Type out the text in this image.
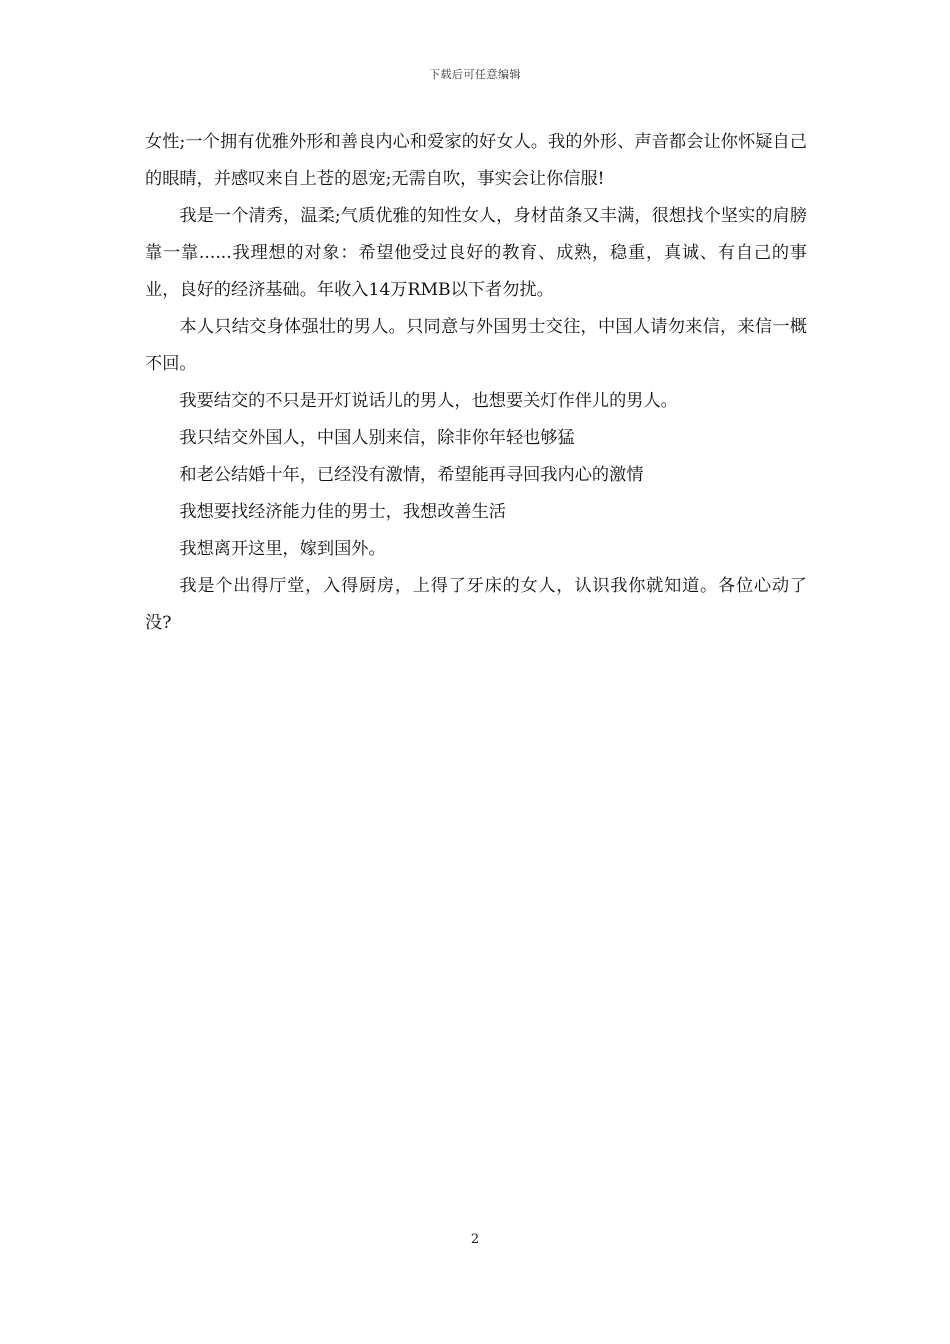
下载后可任意编辑

女性;一个拥有优雅外形和善良内心和爱家的好女人。我的外形、声音都会让你怀疑自己的眼睛，并感叹来自上苍的恩宠;无需自吹，事实会让你信服!

我是一个清秀，温柔;气质优雅的知性女人，身材苗条又丰满，很想找个坚实的肩膀靠一靠......我理想的对象：希望他受过良好的教育、成熟，稳重，真诚、有自己的事业，良好的经济基础。年收入14万RMB以下者勿扰。

本人只结交身体强壮的男人。只同意与外国男士交往，中国人请勿来信，来信一概不回。

我要结交的不只是开灯说话儿的男人，也想要关灯作伴儿的男人。

我只结交外国人，中国人别来信，除非你年轻也够猛

和老公结婚十年，已经没有激情，希望能再寻回我内心的激情

我想要找经济能力佳的男士，我想改善生活

我想离开这里，嫁到国外。

我是个出得厅堂，入得厨房，上得了牙床的女人，认识我你就知道。各位心动了没?

2
